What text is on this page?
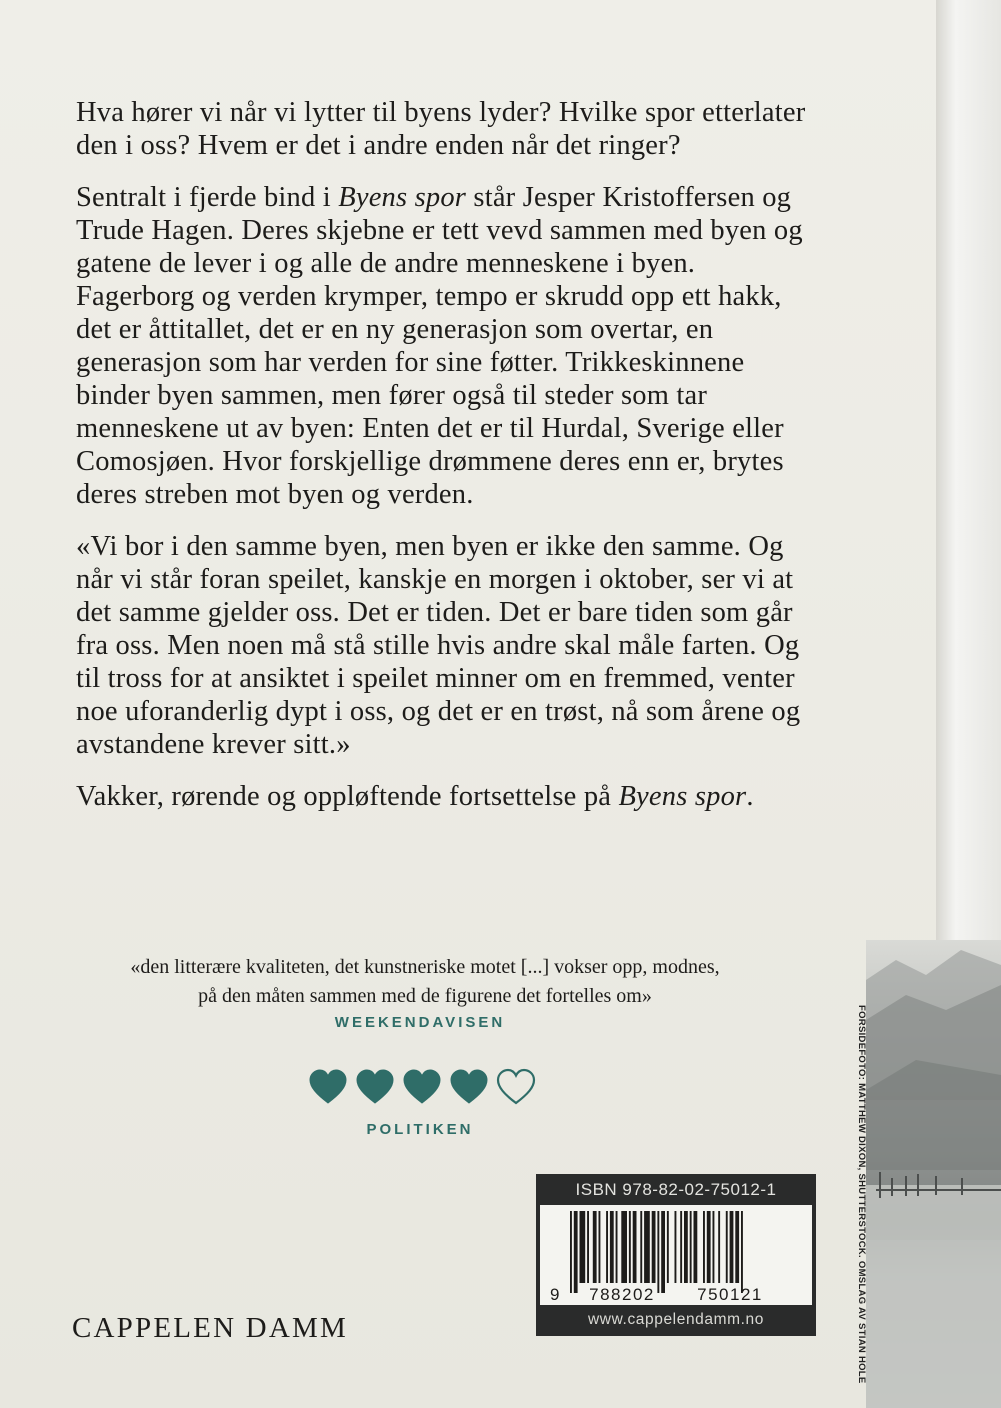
Hva hører vi når vi lytter til byens lyder? Hvilke spor etterlater den i oss? Hvem er det i andre enden når det ringer?

Sentralt i fjerde bind i Byens spor står Jesper Kristoffersen og Trude Hagen. Deres skjebne er tett vevd sammen med byen og gatene de lever i og alle de andre menneskene i byen. Fagerborg og verden krymper, tempo er skrudd opp ett hakk, det er åttitallet, det er en ny generasjon som overtar, en generasjon som har verden for sine føtter. Trikkeskinnene binder byen sammen, men fører også til steder som tar menneskene ut av byen: Enten det er til Hurdal, Sverige eller Comosjøen. Hvor forskjellige drømmene deres enn er, brytes deres streben mot byen og verden.

«Vi bor i den samme byen, men byen er ikke den samme. Og når vi står foran speilet, kanskje en morgen i oktober, ser vi at det samme gjelder oss. Det er tiden. Det er bare tiden som går fra oss. Men noen må stå stille hvis andre skal måle farten. Og til tross for at ansiktet i speilet minner om en fremmed, venter noe uforanderlig dypt i oss, og det er en trøst, nå som årene og avstandene krever sitt.»

Vakker, rørende og oppløftende fortsettelse på Byens spor.

«den litterære kvaliteten, det kunstneriske motet [...] vokser opp, modnes,
på den måten sammen med de figurene det fortelles om»
WEEKENDAVISEN
POLITIKEN
ISBN 978-82-02-75012-1
9 788202 750121
www.cappelendamm.no
CAPPELEN DAMM	FORSIDEFOTO: MATTHEW DIXON, SHUTTERSTOCK. OMSLAG AV STIAN HOLE
